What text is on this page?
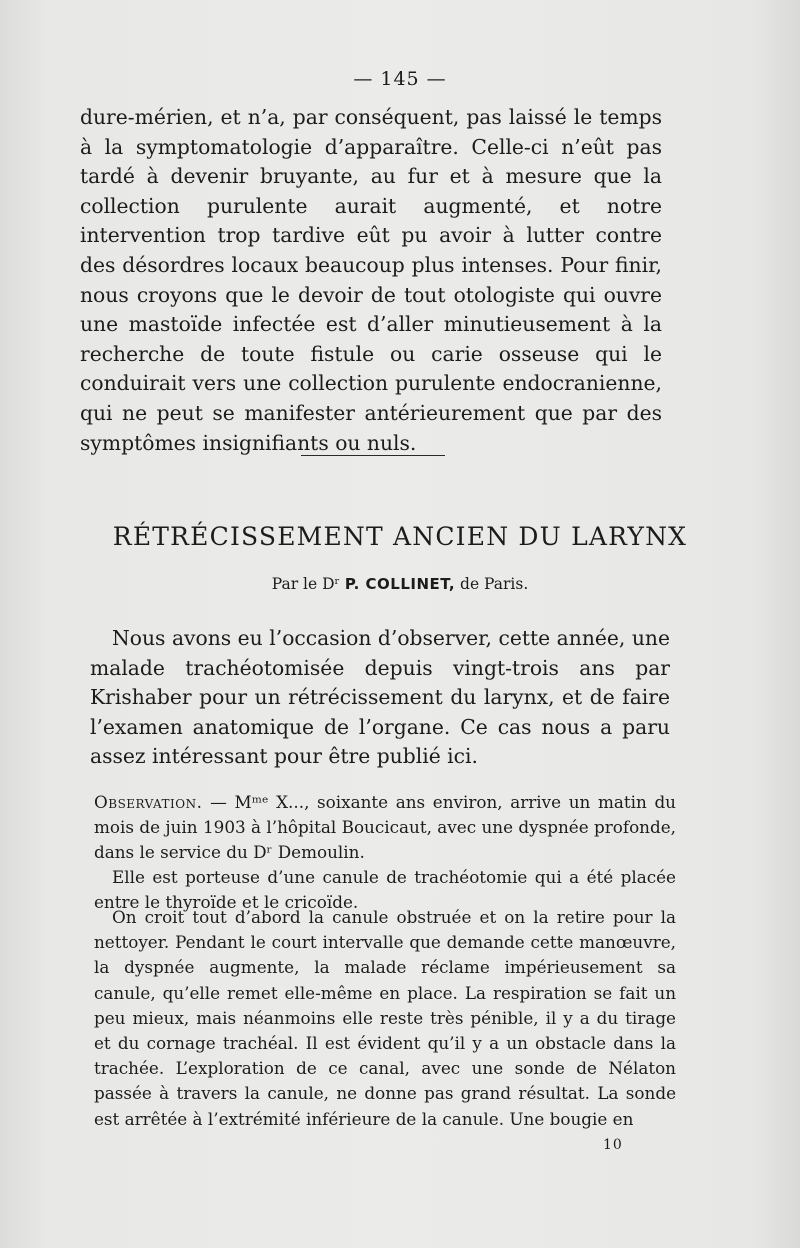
— 145 —

dure-mérien, et n’a, par conséquent, pas laissé le temps à la symptomatologie d’apparaître. Celle-ci n’eût pas tardé à devenir bruyante, au fur et à mesure que la collection purulente aurait augmenté, et notre intervention trop tardive eût pu avoir à lutter contre des désordres locaux beaucoup plus intenses. Pour finir, nous croyons que le devoir de tout otologiste qui ouvre une mastoïde infectée est d’aller minutieusement à la recherche de toute fistule ou carie osseuse qui le conduirait vers une collection purulente endocranienne, qui ne peut se manifester antérieurement que par des symptômes insignifiants ou nuls.

RÉTRÉCISSEMENT ANCIEN DU LARYNX

Par le Dʳ P. COLLINET, de Paris.

Nous avons eu l’occasion d’observer, cette année, une malade trachéotomisée depuis vingt-trois ans par Krishaber pour un rétrécissement du larynx, et de faire l’examen anatomique de l’organe. Ce cas nous a paru assez intéressant pour être publié ici.

Observation. — Mᵐᵉ X..., soixante ans environ, arrive un matin du mois de juin 1903 à l’hôpital Boucicaut, avec une dyspnée profonde, dans le service du Dʳ Demoulin.

Elle est porteuse d’une canule de trachéotomie qui a été placée entre le thyroïde et le cricoïde.

On croit tout d’abord la canule obstruée et on la retire pour la nettoyer. Pendant le court intervalle que demande cette manœuvre, la dyspnée augmente, la malade réclame impérieusement sa canule, qu’elle remet elle-même en place. La respiration se fait un peu mieux, mais néanmoins elle reste très pénible, il y a du tirage et du cornage trachéal. Il est évident qu’il y a un obstacle dans la trachée. L’exploration de ce canal, avec une sonde de Nélaton passée à travers la canule, ne donne pas grand résultat. La sonde est arrêtée à l’extrémité inférieure de la canule. Une bougie en

10
